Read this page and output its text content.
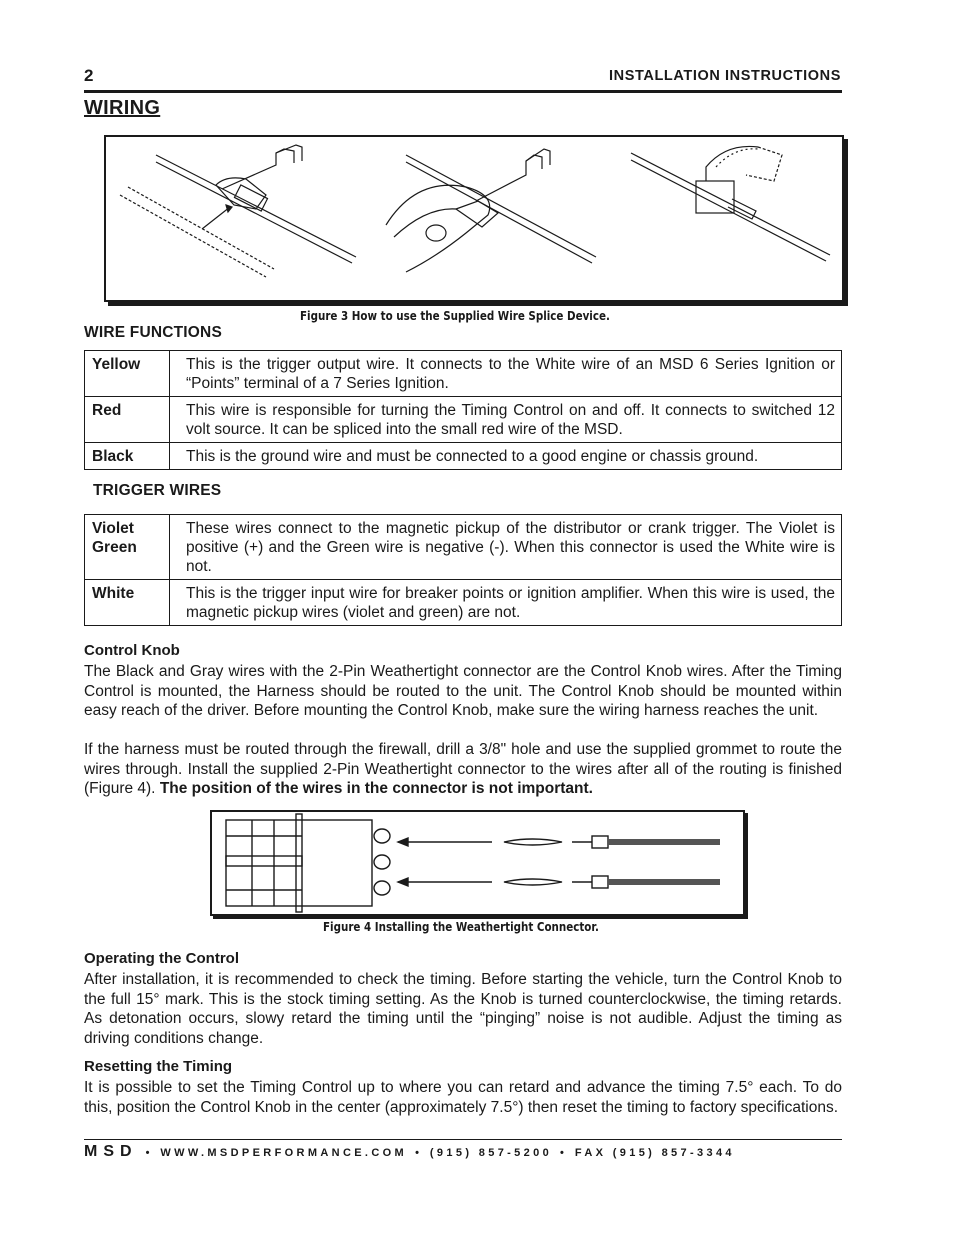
2	INSTALLATION INSTRUCTIONS
WIRING
Figure 3 How to use the Supplied Wire Splice Device.
WIRE FUNCTIONS
Yellow	This is the trigger output wire. It connects to the White wire of an MSD 6 Series Ignition or “Points” terminal of a 7 Series Ignition.
Red	This wire is responsible for turning the Timing Control on and off. It connects to switched 12 volt source. It can be spliced into the small red wire of the MSD.
Black	This is the ground wire and must be connected to a good engine or chassis ground.
TRIGGER WIRES
Violet
Green	These wires connect to the magnetic pickup of the distributor or crank trigger. The Violet is positive (+) and the Green wire is negative (-). When this connector is used the White wire is not.
White	This is the trigger input wire for breaker points or ignition amplifier. When this wire is used, the magnetic pickup wires (violet and green) are not.
Control Knob
The Black and Gray wires with the 2-Pin Weathertight connector are the Control Knob wires. After the Timing Control is mounted, the Harness should be routed to the unit. The Control Knob should be mounted within easy reach of the driver. Before mounting the Control Knob, make sure the wiring harness reaches the unit.
If the harness must be routed through the firewall, drill a 3/8" hole and use the supplied grommet to route the wires through. Install the supplied 2-Pin Weathertight connector to the wires after all of the routing is finished (Figure 4). The position of the wires in the connector is not important.
Figure 4 Installing the Weathertight Connector.
Operating the Control
After installation, it is recommended to check the timing. Before starting the vehicle, turn the Control Knob to the full 15° mark. This is the stock timing setting. As the Knob is turned counterclockwise, the timing retards. As detonation occurs, slowy retard the timing until the “pinging” noise is not audible. Adjust the timing as driving conditions change.
Resetting the Timing
It is possible to set the Timing Control up to where you can retard and advance the timing 7.5° each. To do this, position the Control Knob in the center (approximately 7.5°) then reset the timing to factory specifications.
MSD • WWW.MSDPERFORMANCE.COM • (915) 857-5200 • FAX (915) 857-3344
